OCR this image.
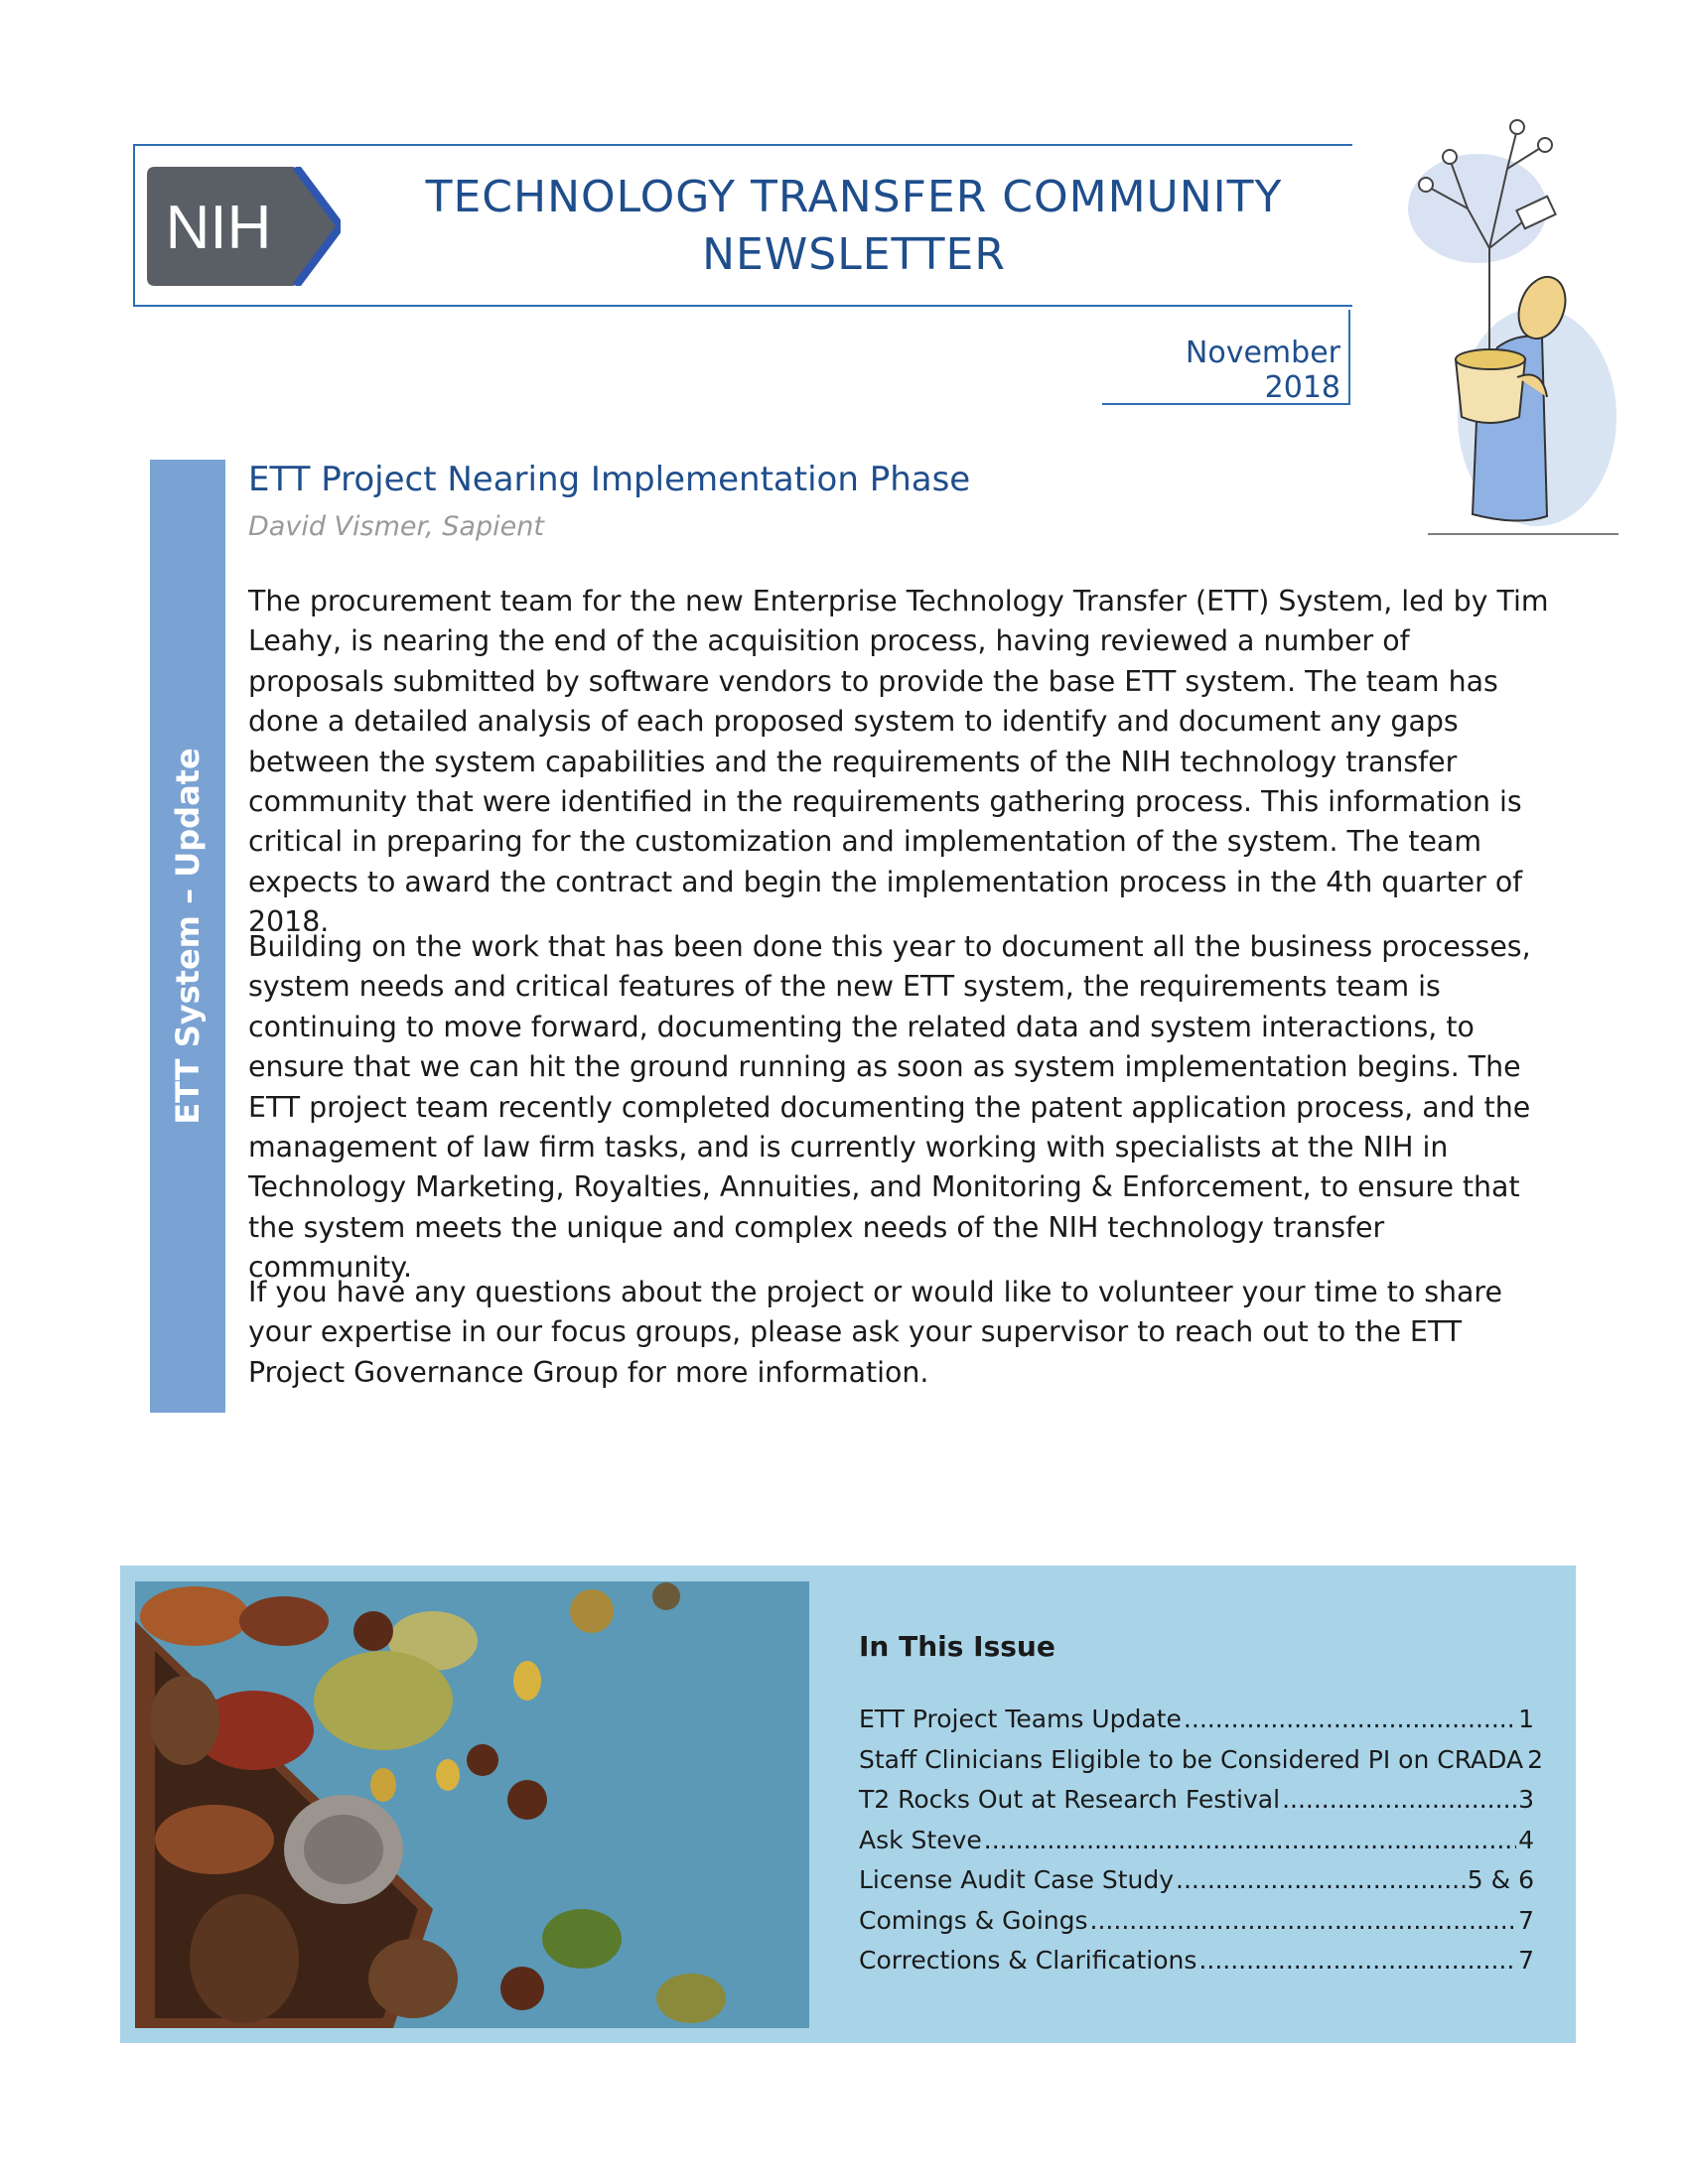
NIH	TECHNOLOGY TRANSFER COMMUNITY
NEWSLETTER
November 2018
ETT System – Update
ETT Project Nearing Implementation Phase
David Vismer, Sapient
The procurement team for the new Enterprise Technology Transfer (ETT) System, led by Tim Leahy, is nearing the end of the acquisition process, having reviewed a number of proposals submitted by software vendors to provide the base ETT system. The team has done a detailed analysis of each proposed system to identify and document any gaps between the system capabilities and the requirements of the NIH technology transfer community that were identified in the requirements gathering process. This information is critical in preparing for the customization and implementation of the system. The team expects to award the contract and begin the implementation process in the 4th quarter of 2018.
Building on the work that has been done this year to document all the business processes, system needs and critical features of the new ETT system, the requirements team is continuing to move forward, documenting the related data and system interactions, to ensure that we can hit the ground running as soon as system implementation begins. The ETT project team recently completed documenting the patent application process, and the management of law firm tasks, and is currently working with specialists at the NIH in Technology Marketing, Royalties, Annuities, and Monitoring & Enforcement, to ensure that the system meets the unique and complex needs of the NIH technology transfer community.
If you have any questions about the project or would like to volunteer your time to share your expertise in our focus groups, please ask your supervisor to reach out to the ETT Project Governance Group for more information.
In This Issue
ETT Project Teams Update .....	1
Staff Clinicians Eligible to be Considered PI on CRADA 2
T2 Rocks Out at Research Festival .....	3
Ask Steve .....	4
License Audit Case Study .....	5 & 6
Comings & Goings .....	7
Corrections & Clarifications .....	7
